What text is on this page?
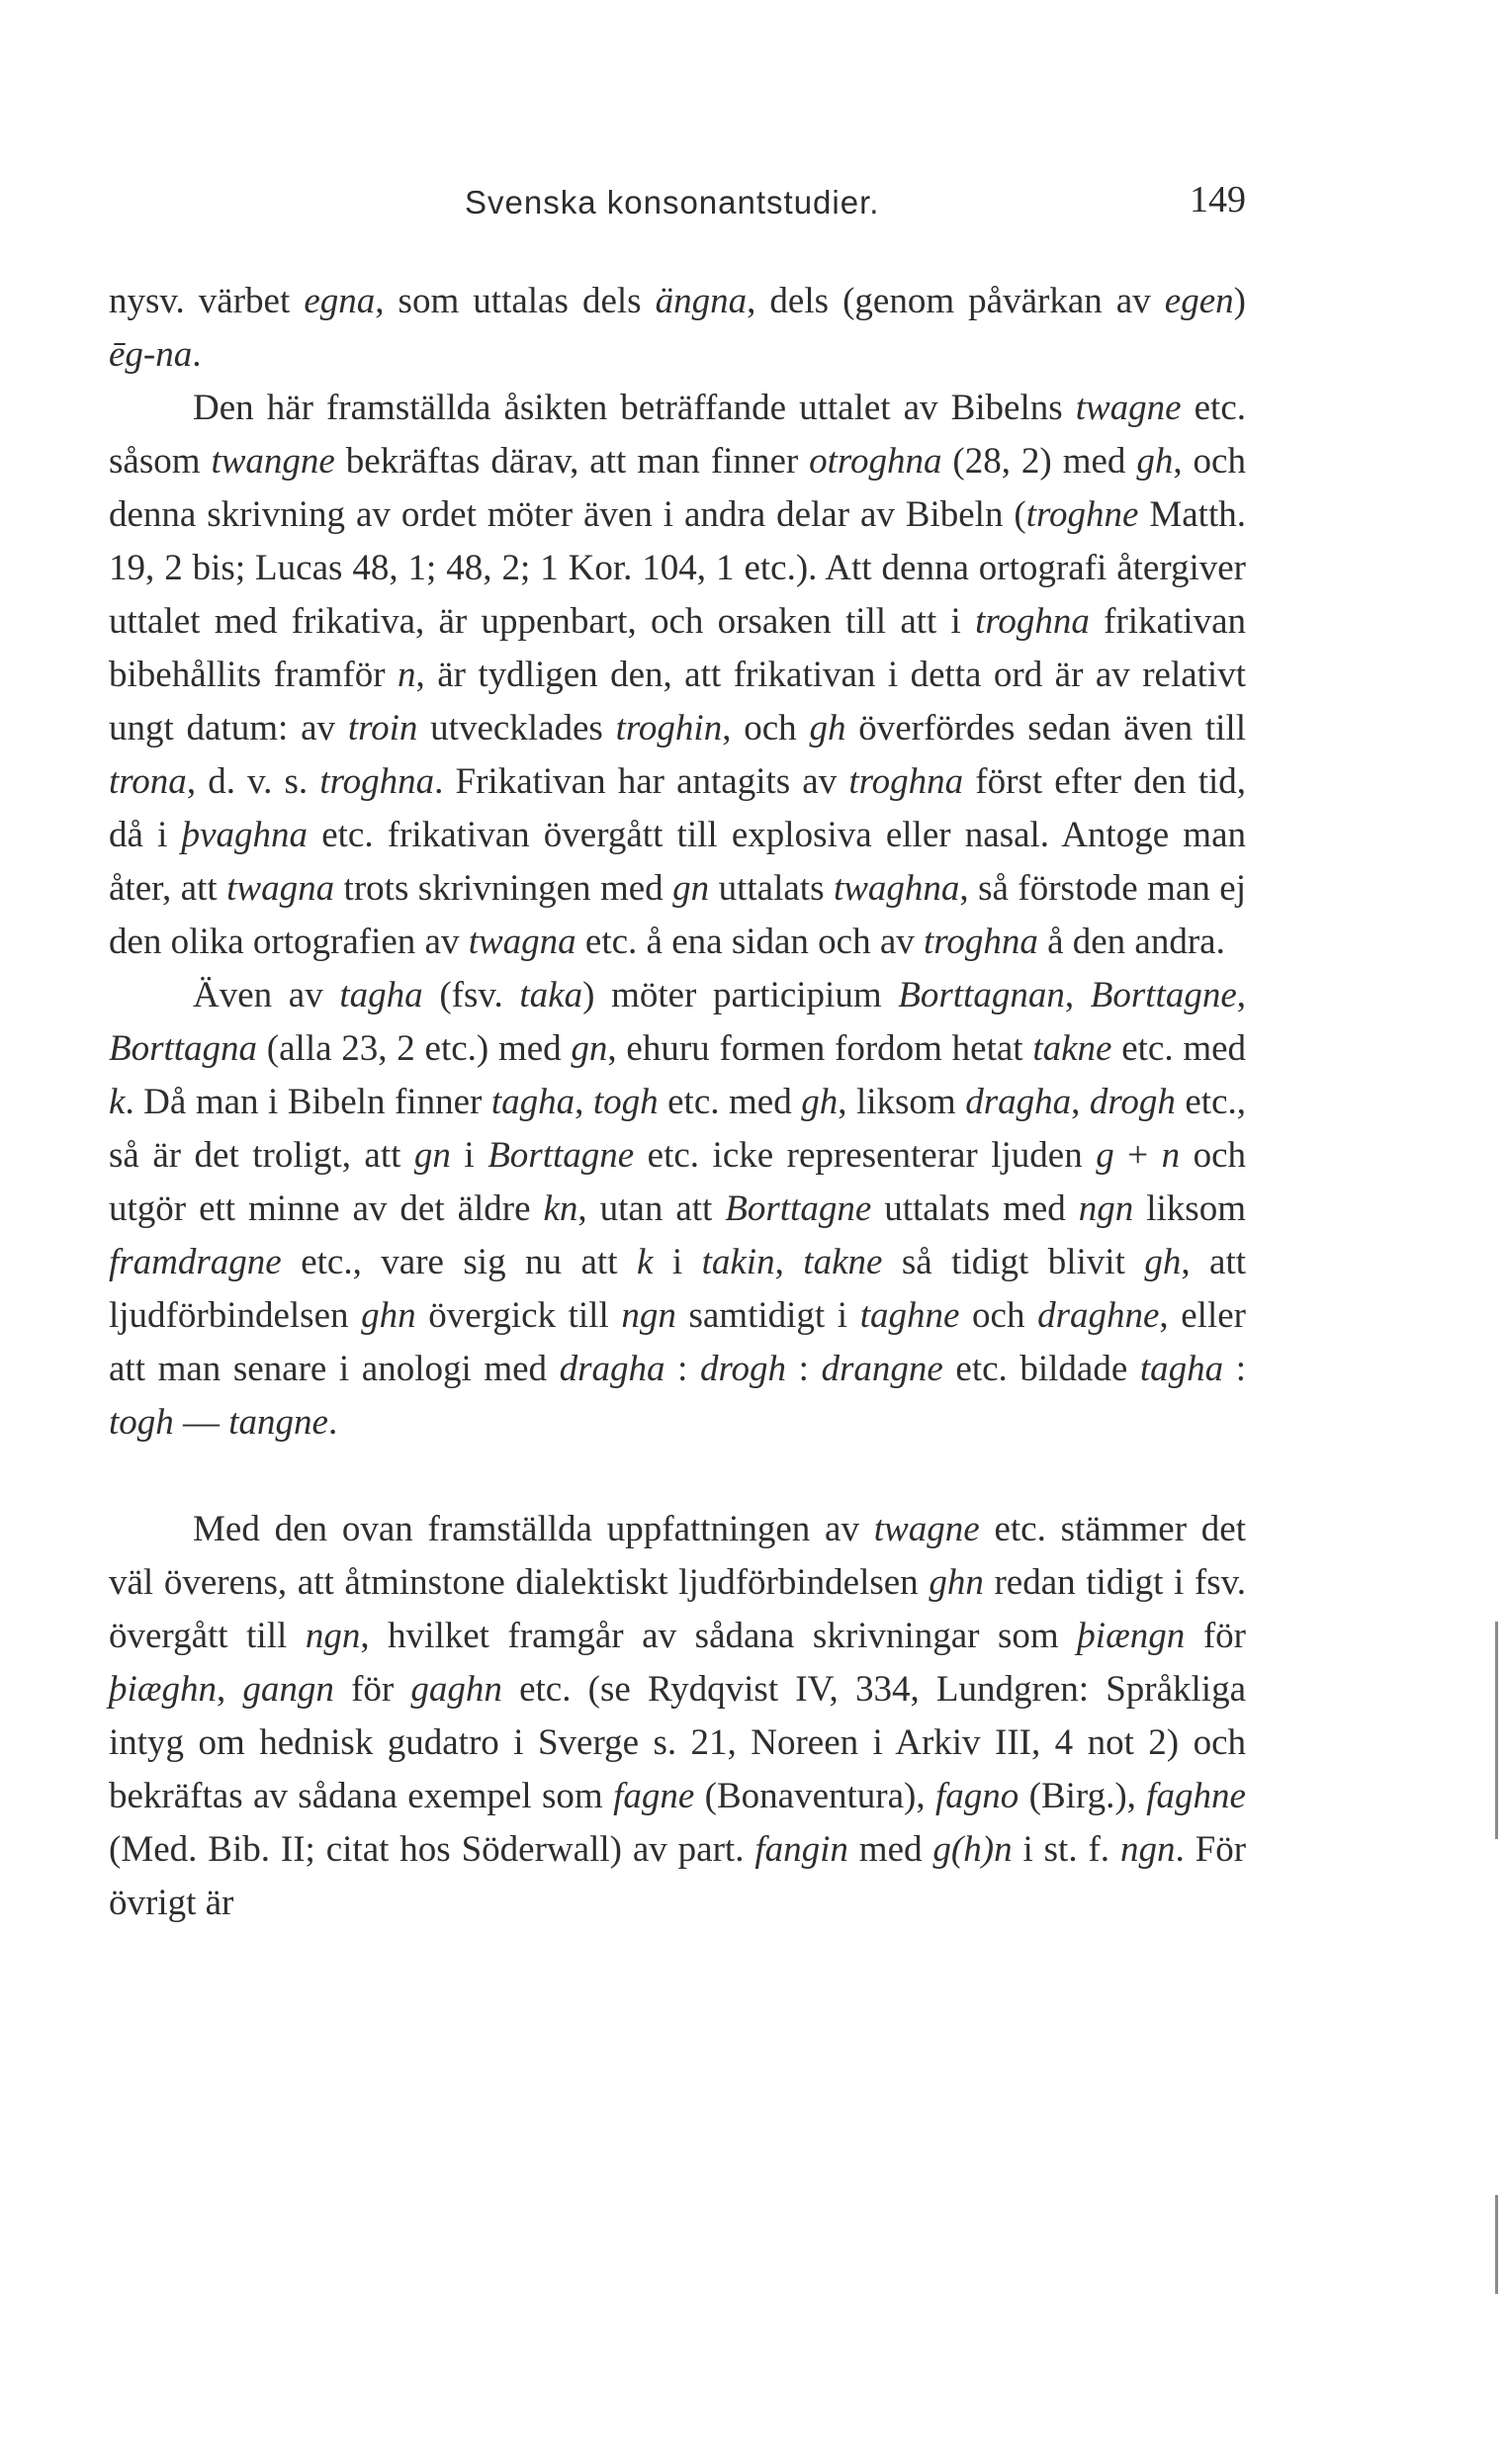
Svenska konsonantstudier.	149

nysv. värbet egna, som uttalas dels ängna, dels (genom påvärkan av egen) ēg-na.

Den här framställda åsikten beträffande uttalet av Bibelns twagne etc. såsom twangne bekräftas därav, att man finner otroghna (28, 2) med gh, och denna skrivning av ordet möter även i andra delar av Bibeln (troghne Matth. 19, 2 bis; Lucas 48, 1; 48, 2; 1 Kor. 104, 1 etc.). Att denna ortografi återgiver uttalet med frikativa, är uppenbart, och orsaken till att i troghna frikativan bibehållits framför n, är tydligen den, att frikativan i detta ord är av relativt ungt datum: av troin utvecklades troghin, och gh överfördes sedan även till trona, d. v. s. troghna. Frikativan har antagits av troghna först efter den tid, då i þvaghna etc. frikativan övergått till explosiva eller nasal. Antoge man åter, att twagna trots skrivningen med gn uttalats twaghna, så förstode man ej den olika ortografien av twagna etc. å ena sidan och av troghna å den andra.

Även av tagha (fsv. taka) möter participium Borttagnan, Borttagne, Borttagna (alla 23, 2 etc.) med gn, ehuru formen fordom hetat takne etc. med k. Då man i Bibeln finner tagha, togh etc. med gh, liksom dragha, drogh etc., så är det troligt, att gn i Borttagne etc. icke representerar ljuden g + n och utgör ett minne av det äldre kn, utan att Borttagne uttalats med ngn liksom framdragne etc., vare sig nu att k i takin, takne så tidigt blivit gh, att ljudförbindelsen ghn övergick till ngn samtidigt i taghne och draghne, eller att man senare i anologi med dragha : drogh : drangne etc. bildade tagha : togh — tangne.

Med den ovan framställda uppfattningen av twagne etc. stämmer det väl överens, att åtminstone dialektiskt ljudförbindelsen ghn redan tidigt i fsv. övergått till ngn, hvilket framgår av sådana skrivningar som þiængn för þiæghn, gangn för gaghn etc. (se Rydqvist IV, 334, Lundgren: Språkliga intyg om hednisk gudatro i Sverge s. 21, Noreen i Arkiv III, 4 not 2) och bekräftas av sådana exempel som fagne (Bonaventura), fagno (Birg.), faghne (Med. Bib. II; citat hos Söderwall) av part. fangin med g(h)n i st. f. ngn. För övrigt är
